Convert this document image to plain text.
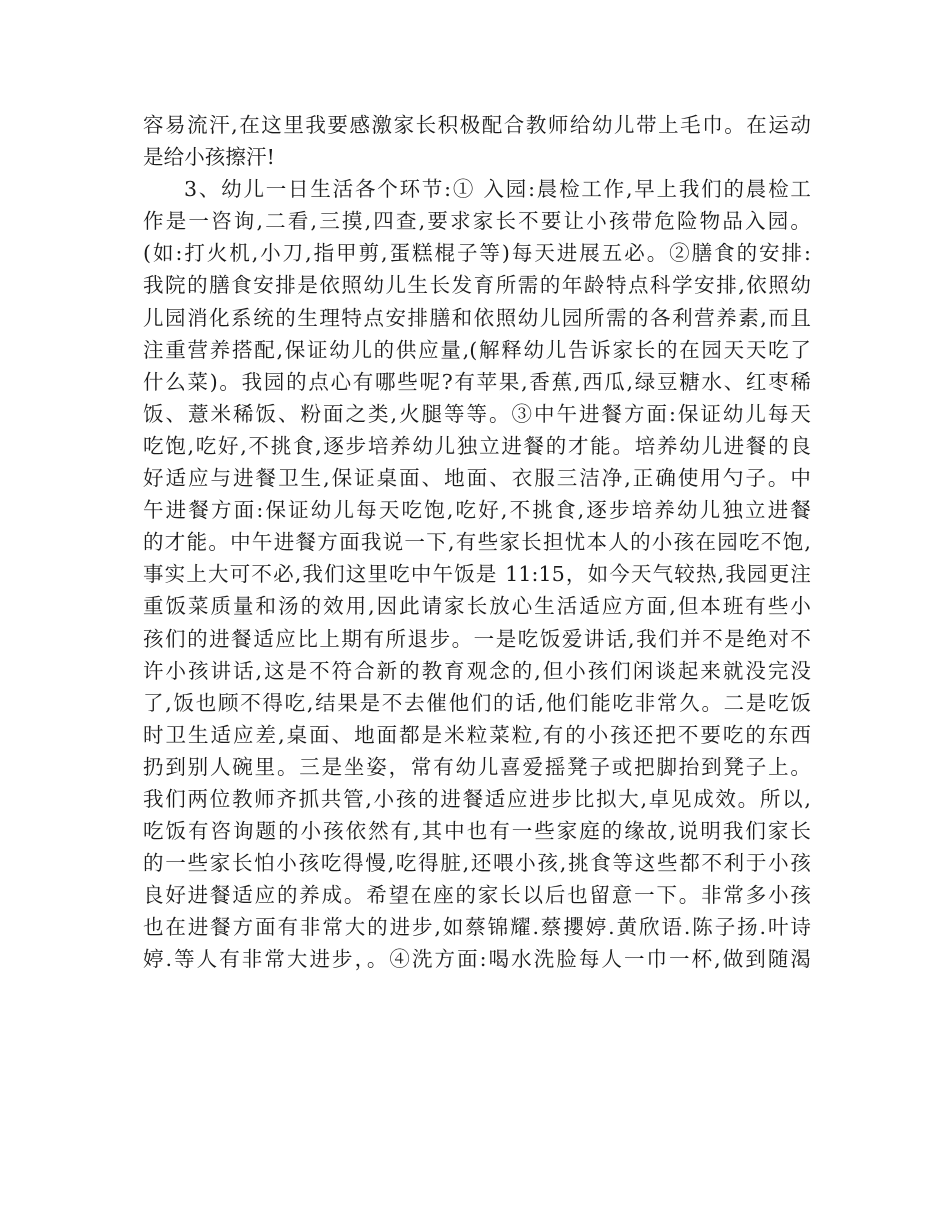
容易流汗,在这里我要感激家长积极配合教师给幼儿带上毛巾。在运动
是给小孩擦汗!
3、幼儿一日生活各个环节:① 入园:晨检工作,早上我们的晨检工
作是一咨询,二看,三摸,四查,要求家长不要让小孩带危险物品入园。
(如:打火机,小刀,指甲剪,蛋糕棍子等)每天进展五必。②膳食的安排:
我院的膳食安排是依照幼儿生长发育所需的年龄特点科学安排,依照幼
儿园消化系统的生理特点安排膳和依照幼儿园所需的各利营养素,而且
注重营养搭配,保证幼儿的供应量,(解释幼儿告诉家长的在园天天吃了
什么菜)。我园的点心有哪些呢?有苹果,香蕉,西瓜,绿豆糖水、红枣稀
饭、薏米稀饭、粉面之类,火腿等等。③中午进餐方面:保证幼儿每天
吃饱,吃好,不挑食,逐步培养幼儿独立进餐的才能。培养幼儿进餐的良
好适应与进餐卫生,保证桌面、地面、衣服三洁净,正确使用勺子。中
午进餐方面:保证幼儿每天吃饱,吃好,不挑食,逐步培养幼儿独立进餐
的才能。中午进餐方面我说一下,有些家长担忧本人的小孩在园吃不饱,
事实上大可不必,我们这里吃中午饭是 11:15，如今天气较热,我园更注
重饭菜质量和汤的效用,因此请家长放心生活适应方面,但本班有些小
孩们的进餐适应比上期有所退步。一是吃饭爱讲话,我们并不是绝对不
许小孩讲话,这是不符合新的教育观念的,但小孩们闲谈起来就没完没
了,饭也顾不得吃,结果是不去催他们的话,他们能吃非常久。二是吃饭
时卫生适应差,桌面、地面都是米粒菜粒,有的小孩还把不要吃的东西
扔到别人碗里。三是坐姿，常有幼儿喜爱摇凳子或把脚抬到凳子上。
我们两位教师齐抓共管,小孩的进餐适应进步比拟大,卓见成效。所以,
吃饭有咨询题的小孩依然有,其中也有一些家庭的缘故,说明我们家长
的一些家长怕小孩吃得慢,吃得脏,还喂小孩,挑食等这些都不利于小孩
良好进餐适应的养成。希望在座的家长以后也留意一下。非常多小孩
也在进餐方面有非常大的进步,如蔡锦耀.蔡攖婷.黄欣语.陈子扬.叶诗
婷.等人有非常大进步，。④洗方面:喝水洗脸每人一巾一杯,做到随渴
